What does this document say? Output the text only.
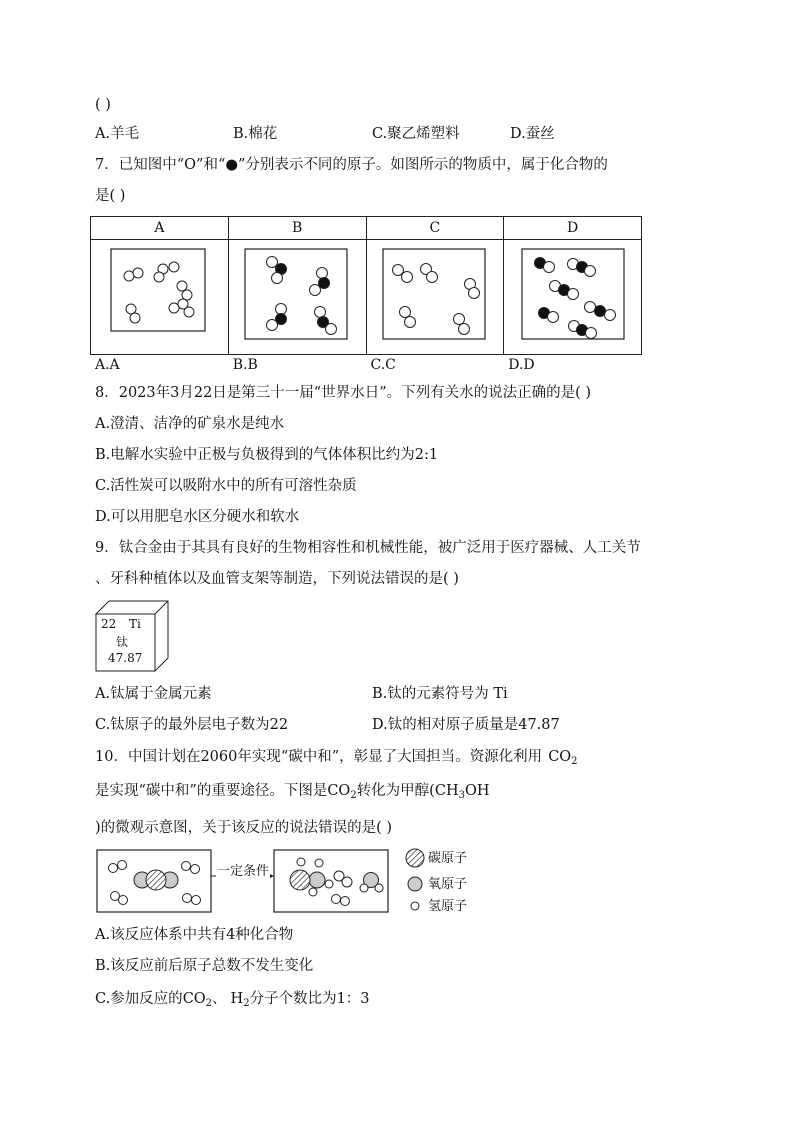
( )
A.羊毛	B.棉花	C.聚乙烯塑料	D.蚕丝
7．已知图中“O”和“●”分别表示不同的原子。如图所示的物质中，属于化合物的
是( )
A	B	C	D

A.A	B.B	C.C	D.D
8．2023年3月22日是第三十一届“世界水日”。下列有关水的说法正确的是( )
A.澄清、洁净的矿泉水是纯水
B.电解水实验中正极与负极得到的气体体积比约为2:1
C.活性炭可以吸附水中的所有可溶性杂质
D.可以用肥皂水区分硬水和软水
9．钛合金由于其具有良好的生物相容性和机械性能，被广泛用于医疗器械、人工关节
、牙科种植体以及血管支架等制造，下列说法错误的是( )
22 Ti
钛
47.87
A.钛属于金属元素	B.钛的元素符号为 Ti
C.钛原子的最外层电子数为22	D.钛的相对原子质量是47.87
10．中国计划在2060年实现“碳中和”，彰显了大国担当。资源化利用 $CO_2$
是实现“碳中和”的重要途径。下图是$CO_2$转化为甲醇($CH_3OH$
)的微观示意图，关于该反应的说法错误的是( )
一定条件
碳原子
氧原子
氢原子
A.该反应体系中共有4种化合物
B.该反应前后原子总数不发生变化
C.参加反应的$CO_2$、 $H_2$分子个数比为1：3
